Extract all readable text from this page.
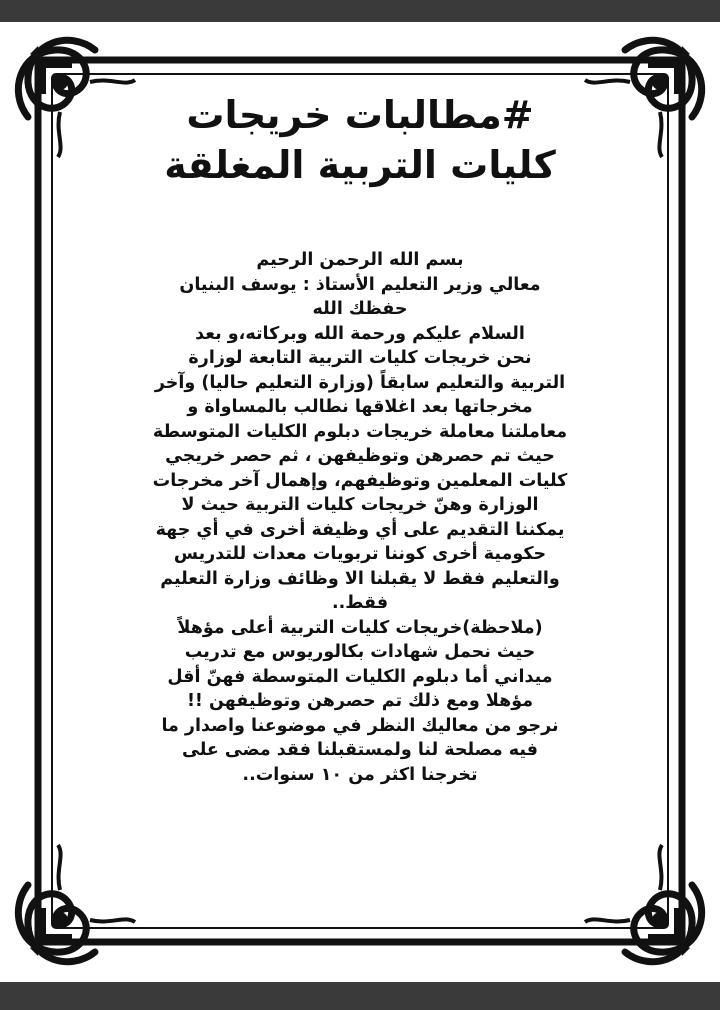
#مطالبات خريجات
كليات التربية المغلقة
بسم الله الرحمن الرحيم
معالي وزير التعليم الأستاذ : يوسف البنيان
حفظك الله
السلام عليكم ورحمة الله وبركاته،و بعد
نحن خريجات كليات التربية التابعة لوزارة
التربية والتعليم سابقاً (وزارة التعليم حاليا) وآخر
مخرجاتها بعد اغلاقها نطالب بالمساواة و
معاملتنا معاملة خريجات دبلوم الكليات المتوسطة
حيث تم حصرهن وتوظيفهن ، ثم حصر خريجي
كليات المعلمين وتوظيفهم، وإهمال آخر مخرجات
الوزارة وهنّ خريجات كليات التربية حيث لا
يمكننا التقديم على أي وظيفة أخرى في أي جهة
حكومية أخرى كوننا تربويات معدات للتدريس
والتعليم فقط لا يقبلنا الا وظائف وزارة التعليم
فقط..
(ملاحظة)خريجات كليات التربية أعلى مؤهلاً
حيث نحمل شهادات بكالوريوس مع تدريب
ميداني أما دبلوم الكليات المتوسطة فهنّ أقل
مؤهلا ومع ذلك تم حصرهن وتوظيفهن !!
نرجو من معاليك النظر في موضوعنا واصدار ما
فيه مصلحة لنا ولمستقبلنا فقد مضى على
تخرجنا اكثر من ١٠ سنوات..
